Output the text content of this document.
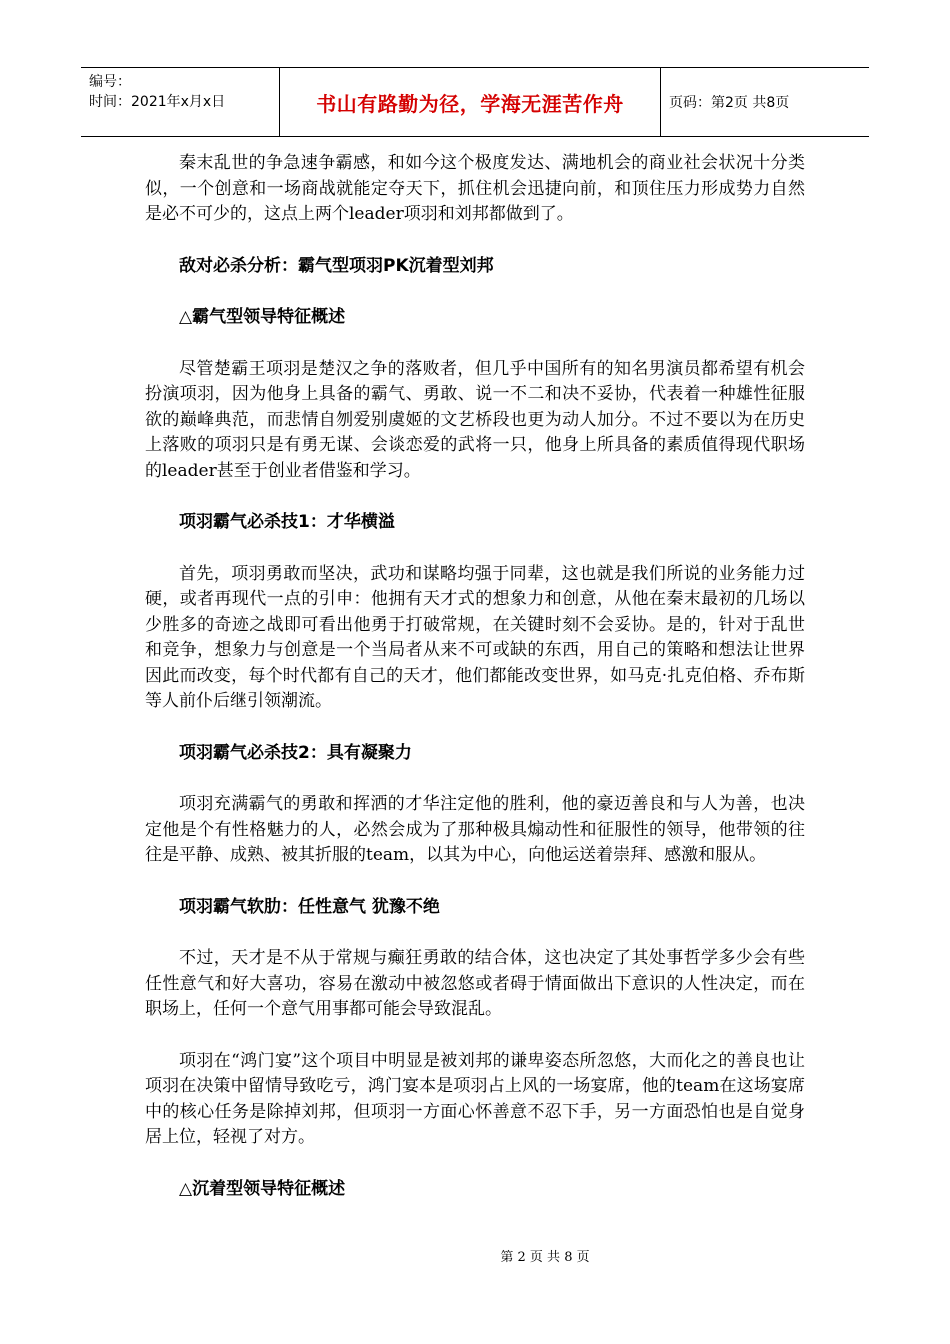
编号：
时间：2021年x月x日	书山有路勤为径，学海无涯苦作舟	页码：第2页 共8页

秦末乱世的争急速争霸感，和如今这个极度发达、满地机会的商业社会状况十分类似，一个创意和一场商战就能定夺天下，抓住机会迅捷向前，和顶住压力形成势力自然是必不可少的，这点上两个leader项羽和刘邦都做到了。

敌对必杀分析：霸气型项羽PK沉着型刘邦

△霸气型领导特征概述

尽管楚霸王项羽是楚汉之争的落败者，但几乎中国所有的知名男演员都希望有机会扮演项羽，因为他身上具备的霸气、勇敢、说一不二和决不妥协，代表着一种雄性征服欲的巅峰典范，而悲情自刎爱别虞姬的文艺桥段也更为动人加分。不过不要以为在历史上落败的项羽只是有勇无谋、会谈恋爱的武将一只，他身上所具备的素质值得现代职场的leader甚至于创业者借鉴和学习。

项羽霸气必杀技1：才华横溢

首先，项羽勇敢而坚决，武功和谋略均强于同辈，这也就是我们所说的业务能力过硬，或者再现代一点的引申：他拥有天才式的想象力和创意，从他在秦末最初的几场以少胜多的奇迹之战即可看出他勇于打破常规，在关键时刻不会妥协。是的，针对于乱世和竞争，想象力与创意是一个当局者从来不可或缺的东西，用自己的策略和想法让世界因此而改变，每个时代都有自己的天才，他们都能改变世界，如马克·扎克伯格、乔布斯等人前仆后继引领潮流。

项羽霸气必杀技2：具有凝聚力

项羽充满霸气的勇敢和挥洒的才华注定他的胜利，他的豪迈善良和与人为善，也决定他是个有性格魅力的人，必然会成为了那种极具煽动性和征服性的领导，他带领的往往是平静、成熟、被其折服的team，以其为中心，向他运送着崇拜、感激和服从。

项羽霸气软肋：任性意气 犹豫不绝

不过，天才是不从于常规与癫狂勇敢的结合体，这也决定了其处事哲学多少会有些任性意气和好大喜功，容易在激动中被忽悠或者碍于情面做出下意识的人性决定，而在职场上，任何一个意气用事都可能会导致混乱。

项羽在“鸿门宴”这个项目中明显是被刘邦的谦卑姿态所忽悠，大而化之的善良也让项羽在决策中留情导致吃亏，鸿门宴本是项羽占上风的一场宴席，他的team在这场宴席中的核心任务是除掉刘邦，但项羽一方面心怀善意不忍下手，另一方面恐怕也是自觉身居上位，轻视了对方。

△沉着型领导特征概述

第 2 页 共 8 页
